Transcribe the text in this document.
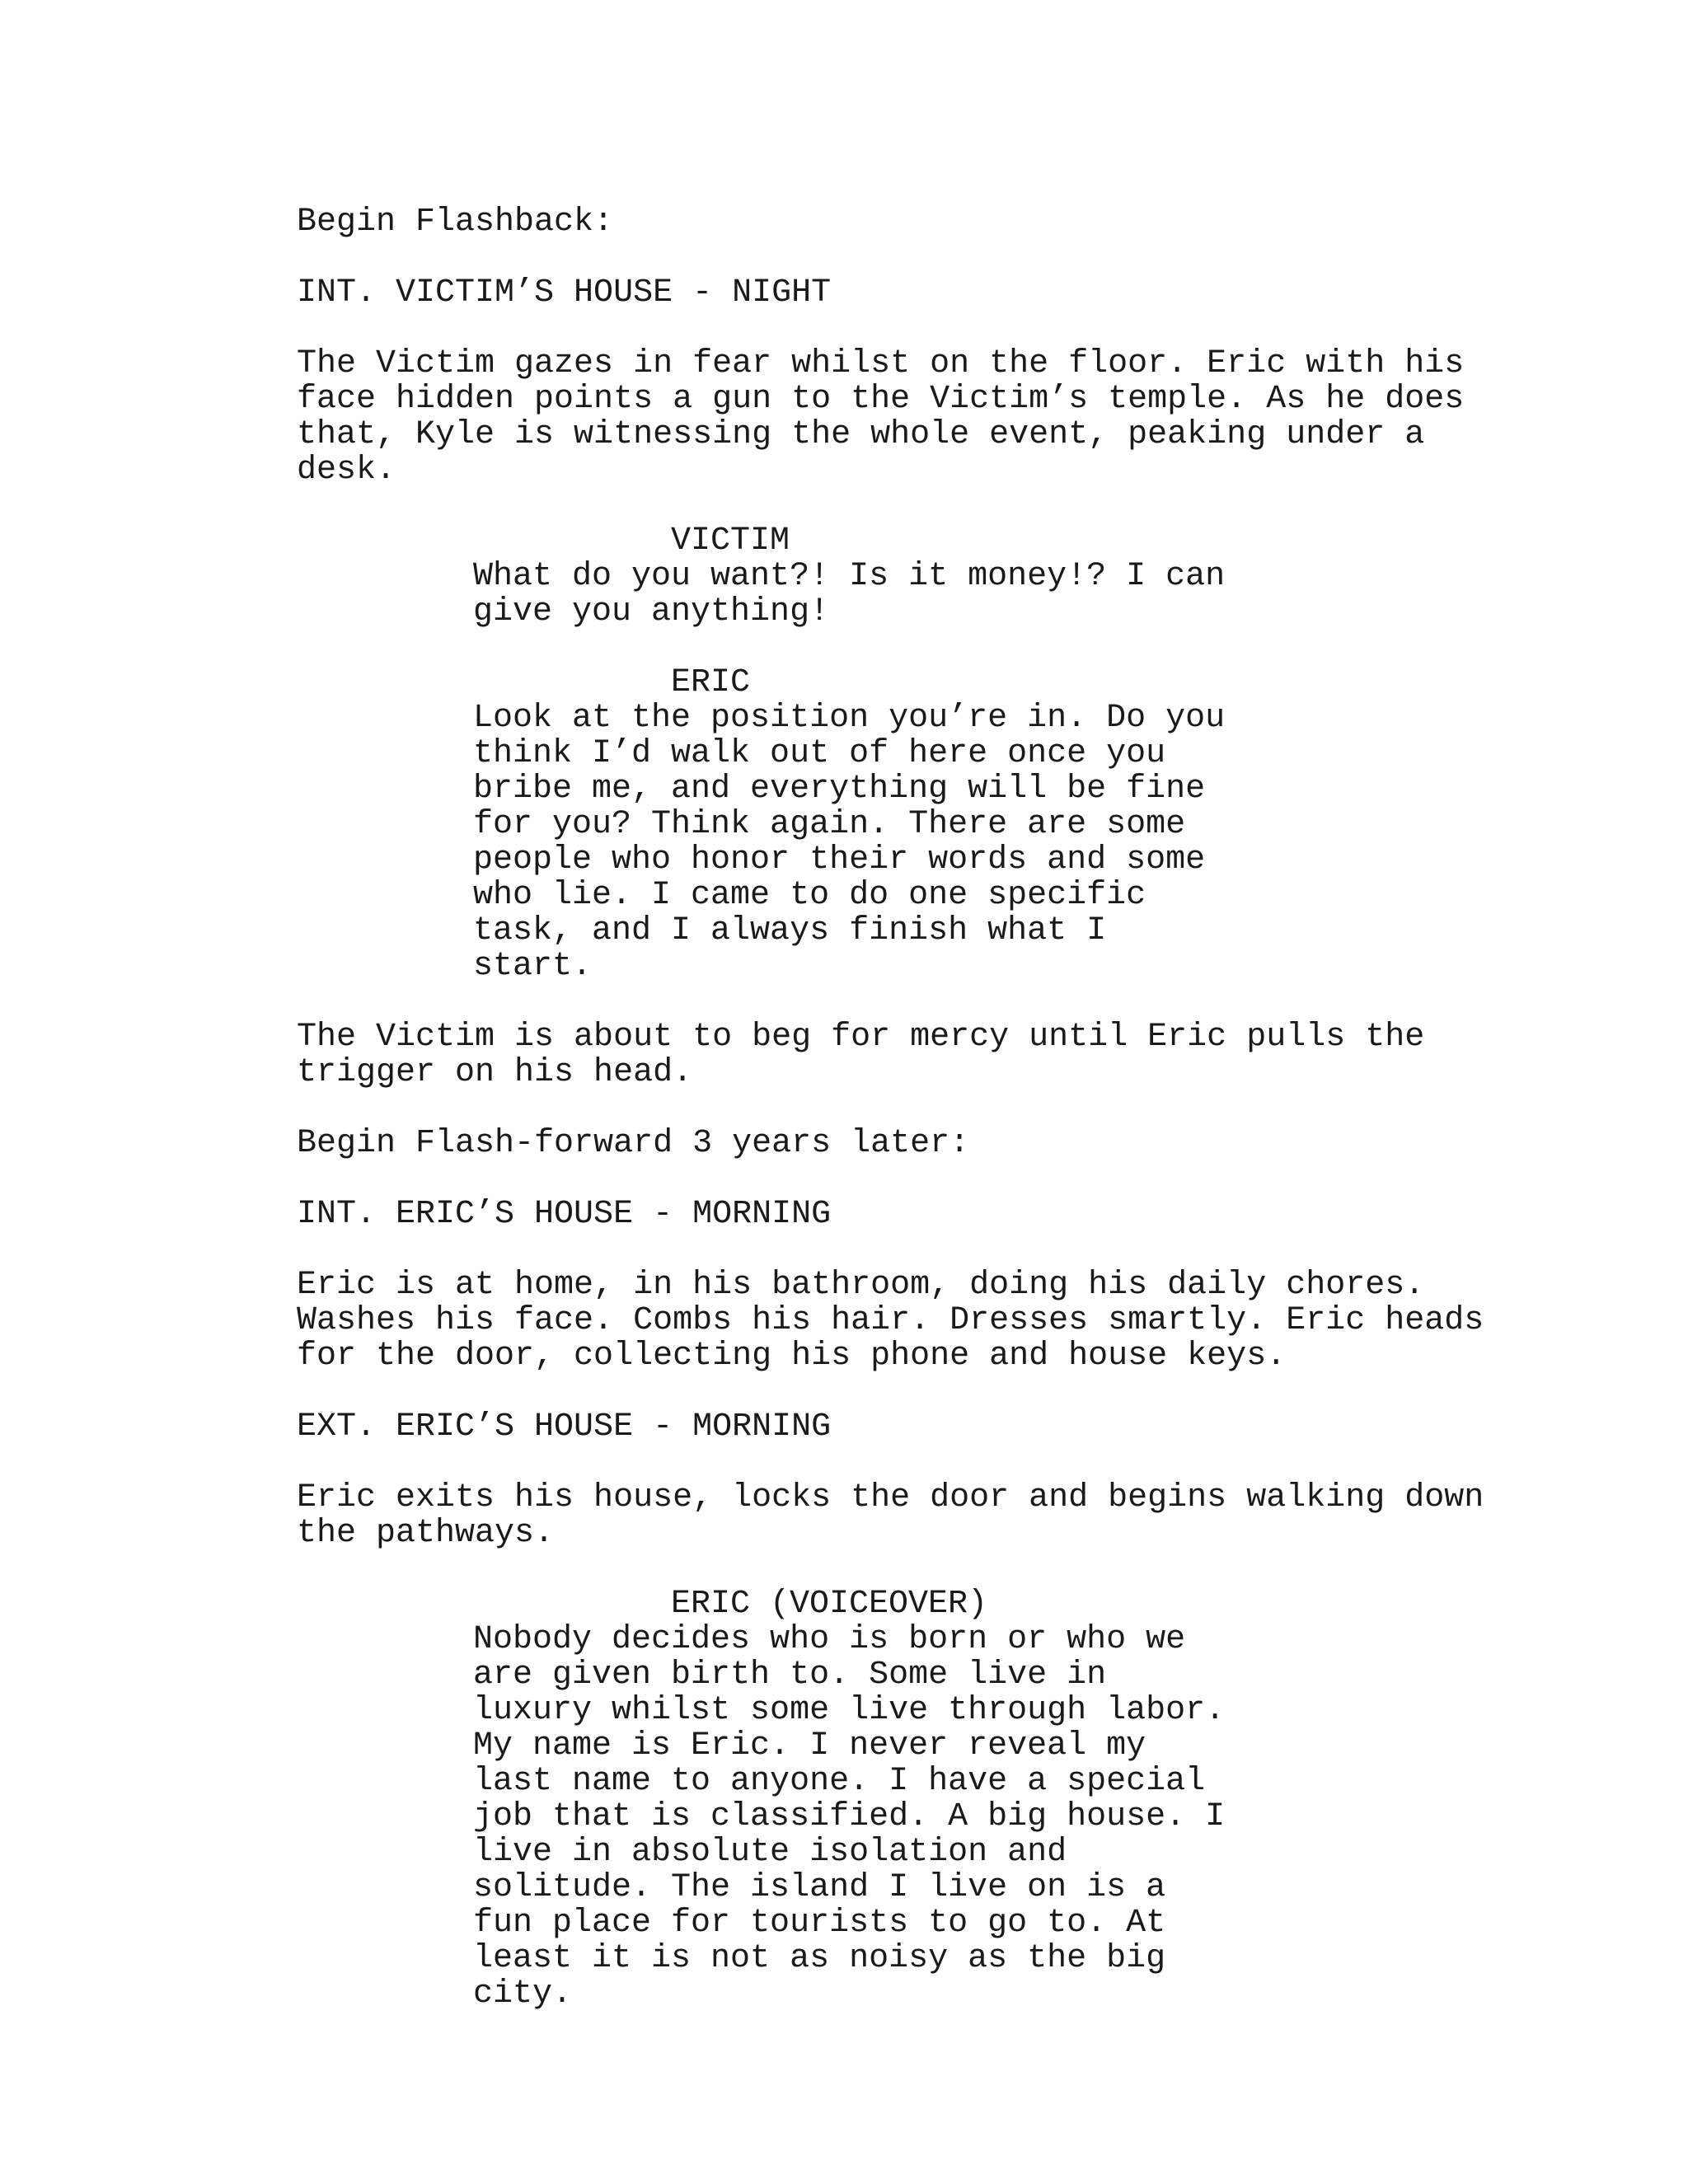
Begin Flashback:
INT. VICTIM’S HOUSE - NIGHT
The Victim gazes in fear whilst on the floor. Eric with his
face hidden points a gun to the Victim’s temple. As he does
that, Kyle is witnessing the whole event, peaking under a
desk.
VICTIM
What do you want?! Is it money!? I can
give you anything!
ERIC
Look at the position you’re in. Do you
think I’d walk out of here once you
bribe me, and everything will be fine
for you? Think again. There are some
people who honor their words and some
who lie. I came to do one specific
task, and I always finish what I
start.
The Victim is about to beg for mercy until Eric pulls the
trigger on his head.
Begin Flash-forward 3 years later:
INT. ERIC’S HOUSE - MORNING
Eric is at home, in his bathroom, doing his daily chores.
Washes his face. Combs his hair. Dresses smartly. Eric heads
for the door, collecting his phone and house keys.
EXT. ERIC’S HOUSE - MORNING
Eric exits his house, locks the door and begins walking down
the pathways.
ERIC (VOICEOVER)
Nobody decides who is born or who we
are given birth to. Some live in
luxury whilst some live through labor.
My name is Eric. I never reveal my
last name to anyone. I have a special
job that is classified. A big house. I
live in absolute isolation and
solitude. The island I live on is a
fun place for tourists to go to. At
least it is not as noisy as the big
city.
